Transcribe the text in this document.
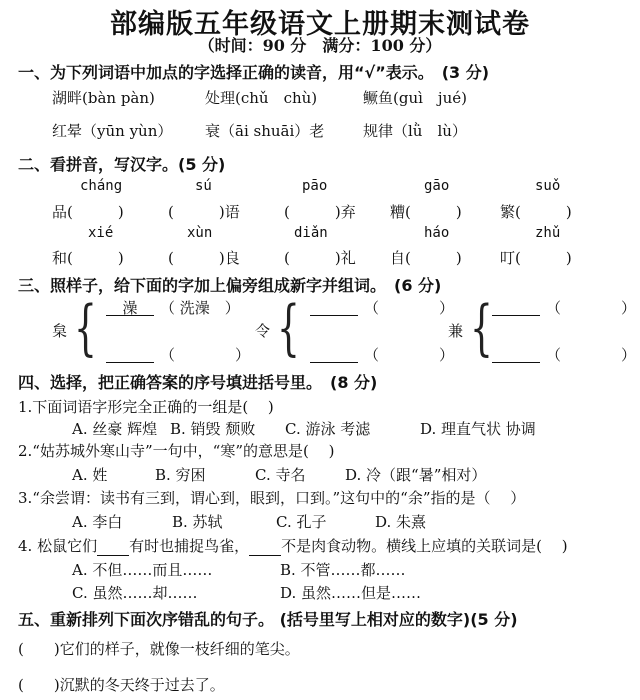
部编版五年级语文上册期末测试卷
（时间：90 分　满分：100 分）
一、为下列词语中加点的字选择正确的读音，用“√”表示。　(3 分)
湖畔(bàn pàn)	处理(chǔ　chù)	鳜鱼(guì　jué)
红晕（yūn yùn） 衰（āi shuāi）老	规律（lǜ　lù）
二、看拼音，写汉字。(5 分)
cháng	sú	pāo	gāo	suǒ
品(　　　)	(　　　)语	(　　　)弃 糟(　　　)	繁(　　　)
xié	xùn	diǎn	háo	zhǔ
和(　　　)	(　　　)良	(　　　)礼 自(　　　)	叮(　　　)
三、照样子，给下面的字加上偏旁组成新字并组词。　(6 分)
枲 {	澡	（ 洗澡　）
（　　　　）
令 {	（　　　　）
（　　　　）
兼 {	（　　　　）
（　　　　）
四、选择，把正确答案的序号填进括号里。　(8 分)
1.下面词语字形完全正确的一组是(　 )
A. 丝豪 辉煌 B. 销毁 颓败 C. 游泳 考滤	D. 理直气状 协调
2.“姑苏城外寒山寺”一句中，“寒”的意思是(　 )
A. 姓	B. 穷困	C. 寺名	D. 冷（跟“暑”相对）
3.“余尝谓：读书有三到，谓心到，眼到，口到。”这句中的“余”指的是（　 ）
A. 李白	B. 苏轼	C. 孔子	D. 朱熹
4. 松鼠它们 有时也捕捉鸟雀， 不是肉食动物。横线上应填的关联词是(　 )
A. 不但……而且……	B. 不管……都……
C. 虽然……却……	D. 虽然……但是……
五、重新排列下面次序错乱的句子。 (括号里写上相对应的数字)(5 分)
(　　)它们的样子，就像一枝纤细的笔尖。
(　　)沉默的冬天终于过去了。
